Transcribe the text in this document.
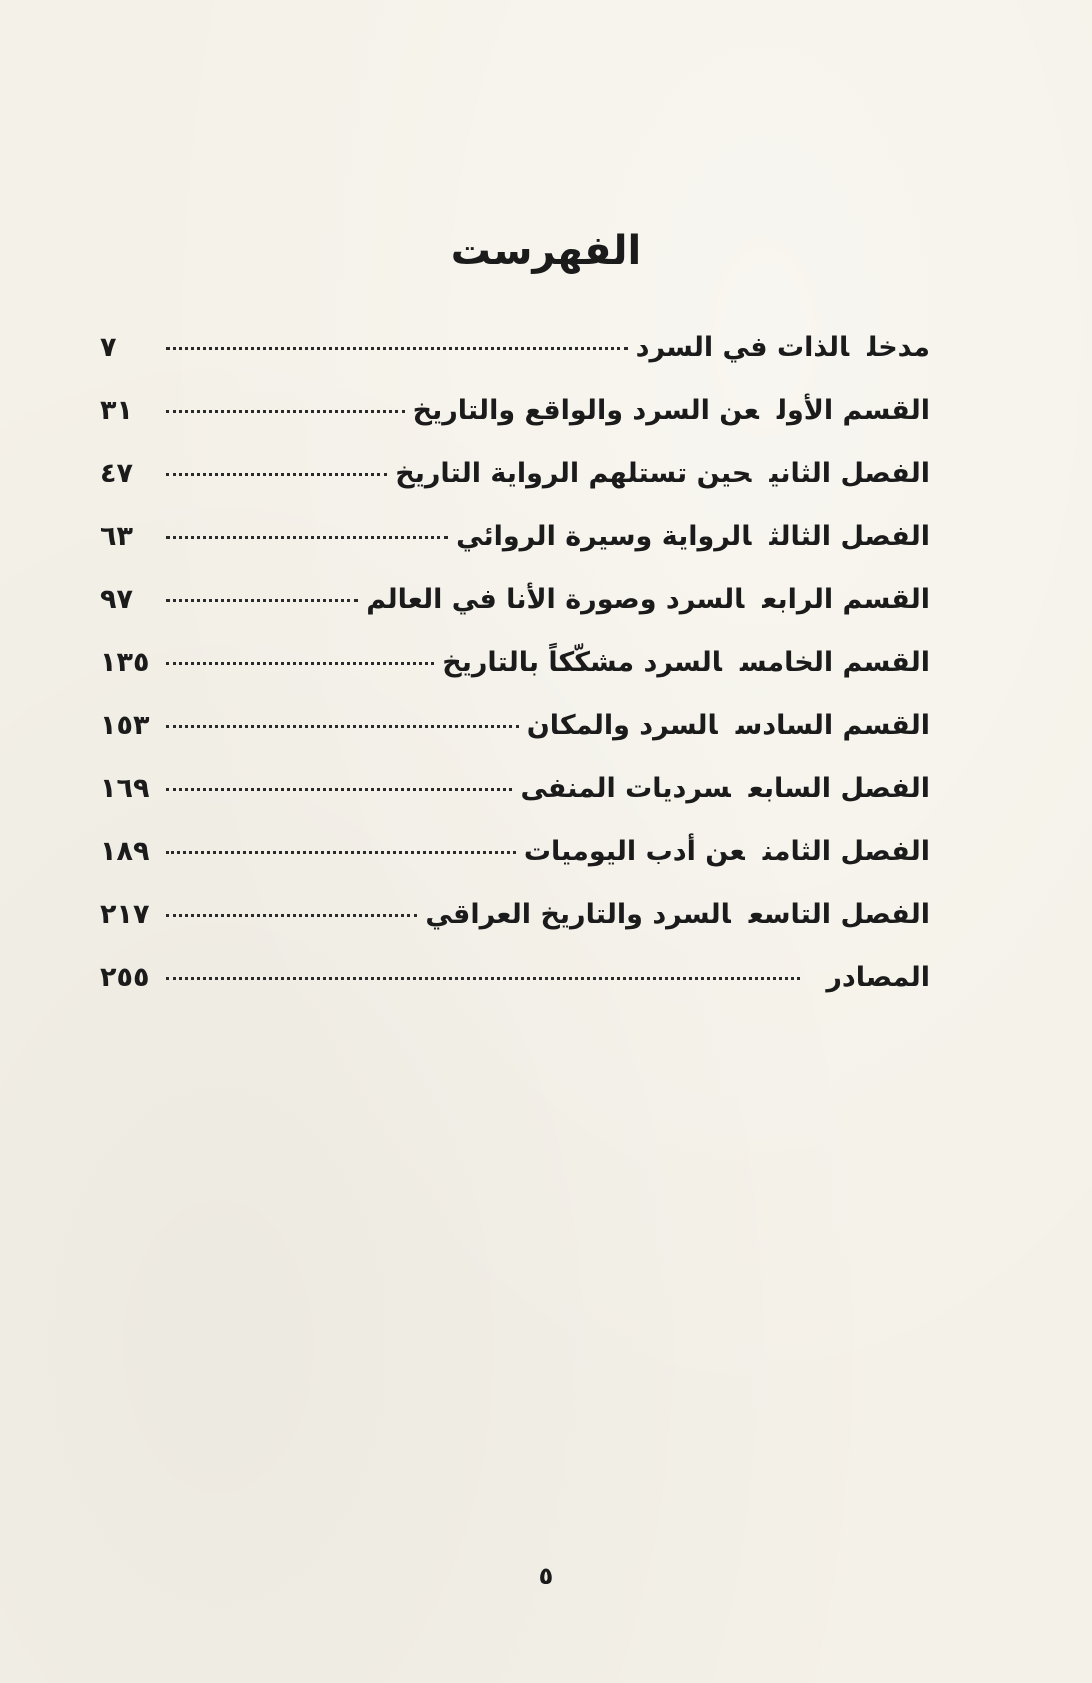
الفهرست
مدخلالذات في السرد
٧
القسم الأولعن السرد والواقع والتاريخ
٣١
الفصل الثانيحين تستلهم الرواية التاريخ
٤٧
الفصل الثالثالرواية وسيرة الروائي
٦٣
القسم الرابعالسرد وصورة الأنا في العالم
٩٧
القسم الخامسالسرد مشكّكاً بالتاريخ
١٣٥
القسم السادسالسرد والمكان
١٥٣
الفصل السابعسرديات المنفى
١٦٩
الفصل الثامنعن أدب اليوميات
١٨٩
الفصل التاسعالسرد والتاريخ العراقي
٢١٧
المصادر
٢٥٥
٥
